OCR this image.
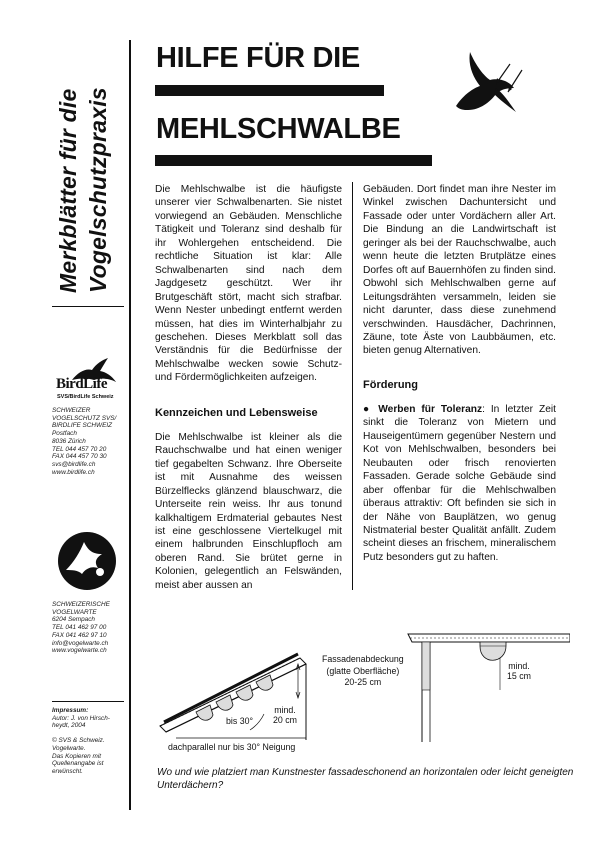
Merkblätter für die Vogelschutzpraxis
BirdLife
SVS/BirdLife Schweiz
SCHWEIZER
VOGELSCHUTZ SVS/
BIRDLIFE SCHWEIZ
Postfach
8036 Zürich
TEL 044 457 70 20
FAX 044 457 70 30
svs@birdlife.ch
www.birdlife.ch
SCHWEIZERISCHE
VOGELWARTE
6204 Sempach
TEL 041 462 97 00
FAX 041 462 97 10
info@vogelwarte.ch
www.vogelwarte.ch
Impressum:
Autor: J. von Hirsch-
heydt, 2004
© SVS & Schweiz.
Vogelwarte.
Das Kopieren mit
Quellenangabe ist
erwünscht.
HILFE FÜR DIE
MEHLSCHWALBE

Die Mehlschwalbe ist die häufigste unserer vier Schwalbenarten. Sie nistet vorwiegend an Gebäuden. Menschliche Tätigkeit und Toleranz sind deshalb für ihr Wohlergehen entscheidend. Die rechtliche Situation ist klar: Alle Schwalbenarten sind nach dem Jagdgesetz geschützt. Wer ihr Brutgeschäft stört, macht sich strafbar. Wenn Nester unbedingt entfernt werden müssen, hat dies im Winterhalbjahr zu geschehen. Dieses Merkblatt soll das Verständnis für die Bedürfnisse der Mehlschwalbe wecken sowie Schutz- und Fördermöglichkeiten aufzeigen.

Kennzeichen und Lebensweise

Die Mehlschwalbe ist kleiner als die Rauchschwalbe und hat einen weniger tief gegabelten Schwanz. Ihre Oberseite ist mit Ausnahme des weissen Bürzelflecks glänzend blauschwarz, die Unterseite rein weiss. Ihr aus tonund kalkhaltigem Erdmaterial gebautes Nest ist eine geschlossene Viertelkugel mit einem halbrunden Einschlupfloch am oberen Rand. Sie brütet gerne in Kolonien, gelegentlich an Felswänden, meist aber aussen an

Gebäuden. Dort findet man ihre Nester im Winkel zwischen Dachuntersicht und Fassade oder unter Vordächern aller Art. Die Bindung an die Landwirtschaft ist geringer als bei der Rauchschwalbe, auch wenn heute die letzten Brutplätze eines Dorfes oft auf Bauernhöfen zu finden sind. Obwohl sich Mehlschwalben gerne auf Leitungsdrähten versammeln, leiden sie nicht darunter, dass diese zunehmend verschwinden. Hausdächer, Dachrinnen, Zäune, tote Äste von Laubbäumen, etc. bieten genug Alternativen.

Förderung

● Werben für Toleranz: In letzter Zeit sinkt die Toleranz von Mietern und Hauseigentümern gegenüber Nestern und Kot von Mehlschwalben, besonders bei Neubauten oder frisch renovierten Fassaden. Gerade solche Gebäude sind aber offenbar für die Mehlschwalben überaus attraktiv: Oft befinden sie sich in der Nähe von Bauplätzen, wo genug Nistmaterial bester Qualität anfällt. Zudem scheint dieses an frischem, mineralischem Putz besonders gut zu haften.

bis 30°
mind.
20 cm
dachparallel nur bis 30° Neigung
Fassadenabdeckung
(glatte Oberfläche)
20-25 cm
mind.
15 cm
Wo und wie platziert man Kunstnester fassadeschonend an horizontalen oder leicht geneigten Unterdächern?
